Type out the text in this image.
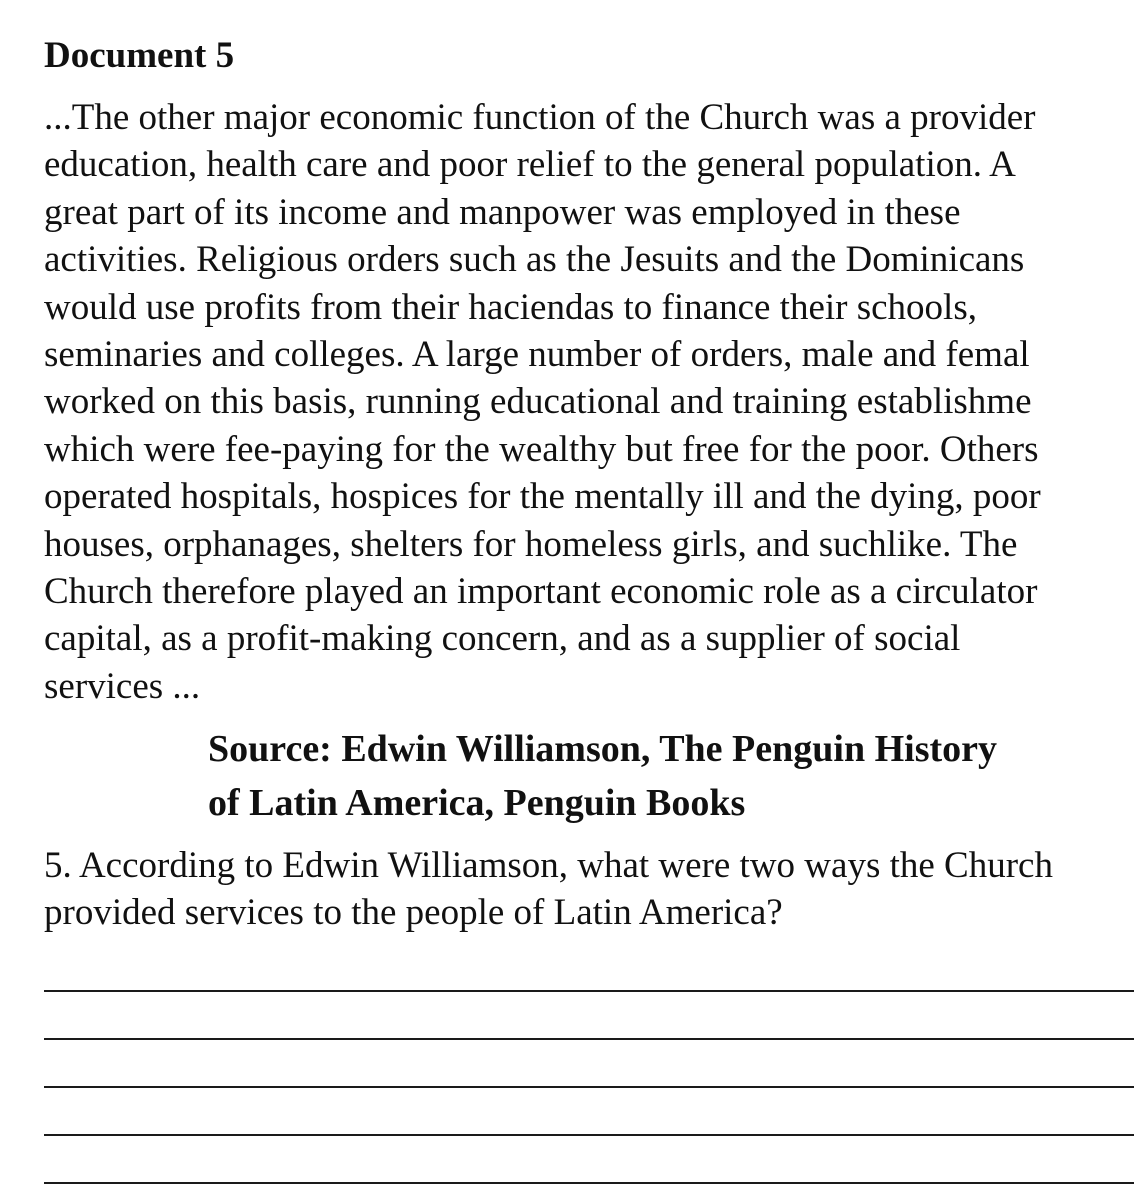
Document 5
...The other major economic function of the Church was a provider
education, health care and poor relief to the general population. A
great part of its income and manpower was employed in these
activities. Religious orders such as the Jesuits and the Dominicans
would use profits from their haciendas to finance their schools,
seminaries and colleges. A large number of orders, male and femal
worked on this basis, running educational and training establishme
which were fee-paying for the wealthy but free for the poor. Others
operated hospitals, hospices for the mentally ill and the dying, poor
houses, orphanages, shelters for homeless girls, and suchlike. The
Church therefore played an important economic role as a circulator
capital, as a profit-making concern, and as a supplier of social
services ...
Source: Edwin Williamson, The Penguin History
of Latin America, Penguin Books
5. According to Edwin Williamson, what were two ways the Church
provided services to the people of Latin America?
